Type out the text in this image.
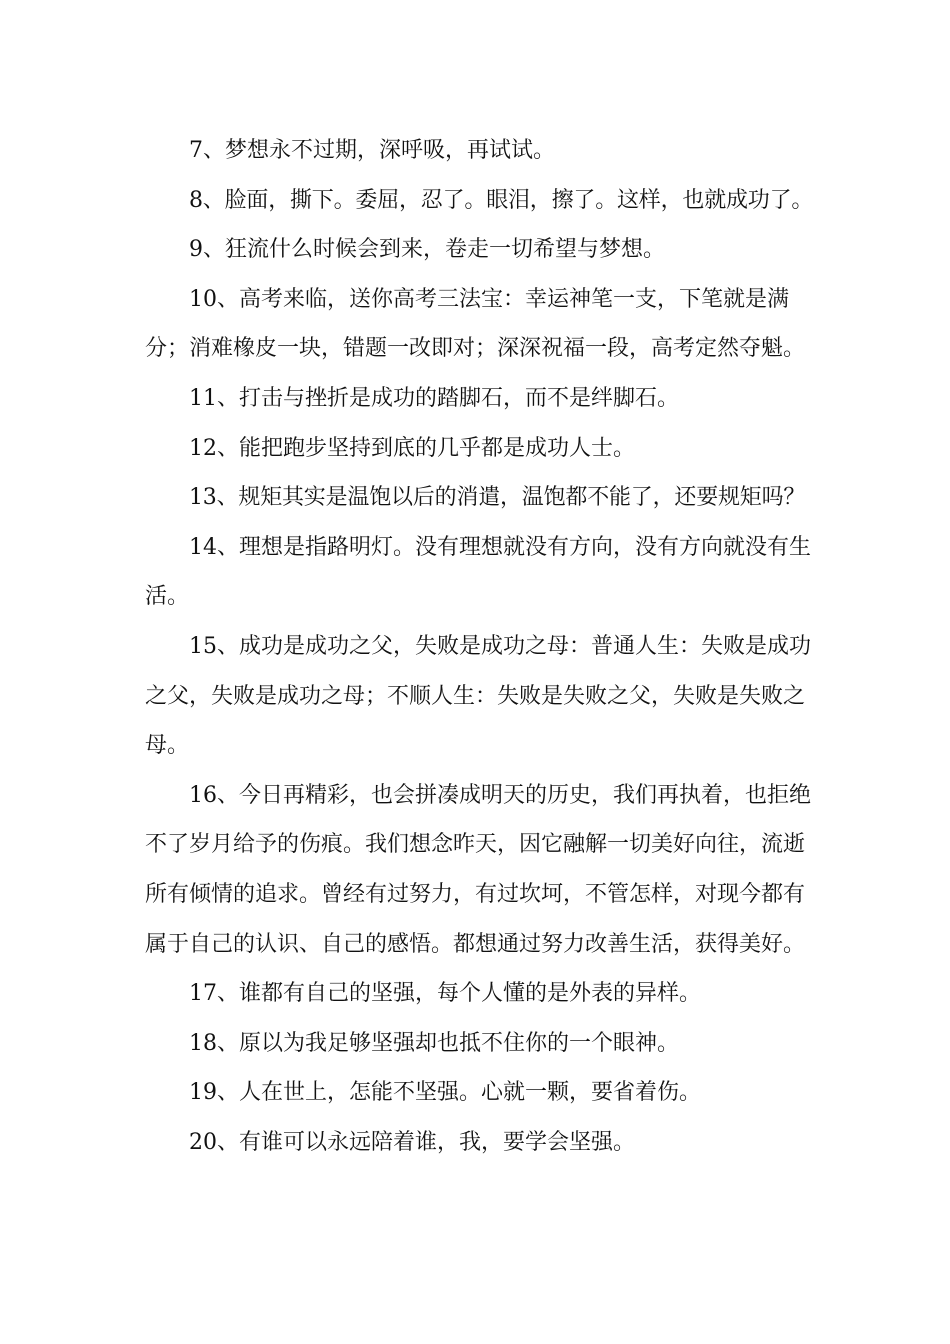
7、梦想永不过期，深呼吸，再试试。

8、脸面，撕下。委屈，忍了。眼泪，擦了。这样，也就成功了。

9、狂流什么时候会到来，卷走一切希望与梦想。

10、高考来临，送你高考三法宝：幸运神笔一支，下笔就是满分；消难橡皮一块，错题一改即对；深深祝福一段，高考定然夺魁。

11、打击与挫折是成功的踏脚石，而不是绊脚石。

12、能把跑步坚持到底的几乎都是成功人士。

13、规矩其实是温饱以后的消遣，温饱都不能了，还要规矩吗？

14、理想是指路明灯。没有理想就没有方向，没有方向就没有生活。

15、成功是成功之父，失败是成功之母：普通人生：失败是成功之父，失败是成功之母；不顺人生：失败是失败之父，失败是失败之母。

16、今日再精彩，也会拼凑成明天的历史，我们再执着，也拒绝不了岁月给予的伤痕。我们想念昨天，因它融解一切美好向往，流逝所有倾情的追求。曾经有过努力，有过坎坷，不管怎样，对现今都有属于自己的认识、自己的感悟。都想通过努力改善生活，获得美好。

17、谁都有自己的坚强，每个人懂的是外表的异样。

18、原以为我足够坚强却也抵不住你的一个眼神。

19、人在世上，怎能不坚强。心就一颗，要省着伤。

20、有谁可以永远陪着谁，我，要学会坚强。
